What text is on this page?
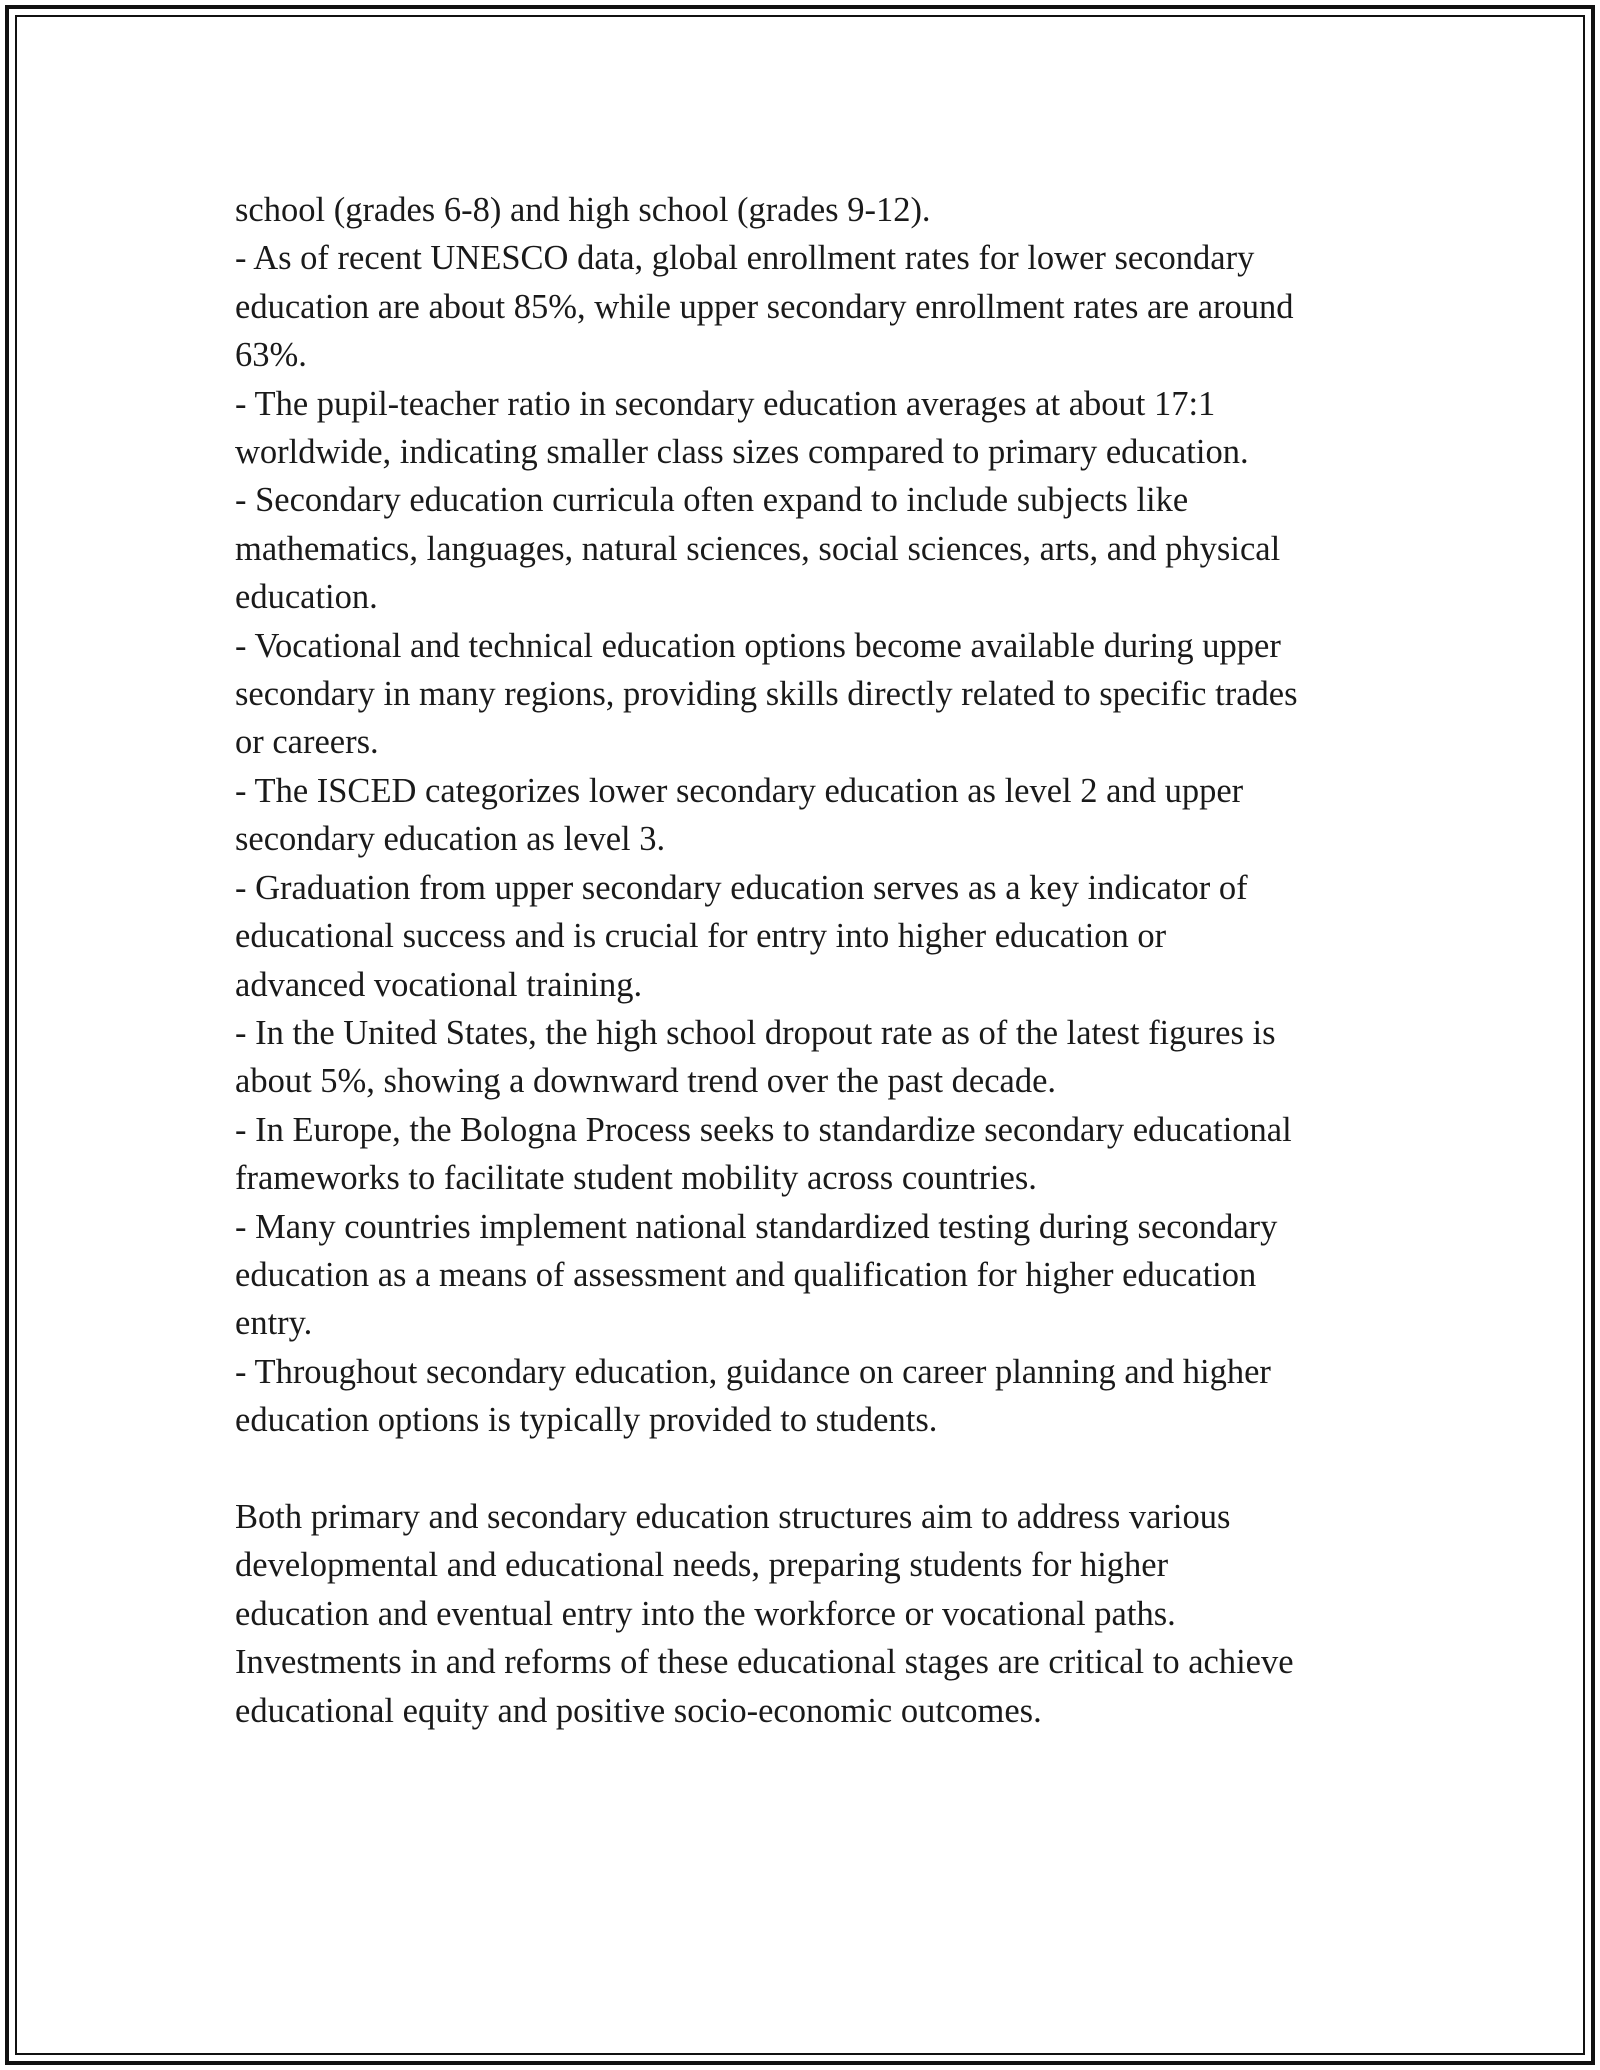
school (grades 6-8) and high school (grades 9-12).
- As of recent UNESCO data, global enrollment rates for lower secondary
education are about 85%, while upper secondary enrollment rates are around
63%.
- The pupil-teacher ratio in secondary education averages at about 17:1
worldwide, indicating smaller class sizes compared to primary education.
- Secondary education curricula often expand to include subjects like
mathematics, languages, natural sciences, social sciences, arts, and physical
education.
- Vocational and technical education options become available during upper
secondary in many regions, providing skills directly related to specific trades
or careers.
- The ISCED categorizes lower secondary education as level 2 and upper
secondary education as level 3.
- Graduation from upper secondary education serves as a key indicator of
educational success and is crucial for entry into higher education or
advanced vocational training.
- In the United States, the high school dropout rate as of the latest figures is
about 5%, showing a downward trend over the past decade.
- In Europe, the Bologna Process seeks to standardize secondary educational
frameworks to facilitate student mobility across countries.
- Many countries implement national standardized testing during secondary
education as a means of assessment and qualification for higher education
entry.
- Throughout secondary education, guidance on career planning and higher
education options is typically provided to students.
Both primary and secondary education structures aim to address various
developmental and educational needs, preparing students for higher
education and eventual entry into the workforce or vocational paths.
Investments in and reforms of these educational stages are critical to achieve
educational equity and positive socio-economic outcomes.
